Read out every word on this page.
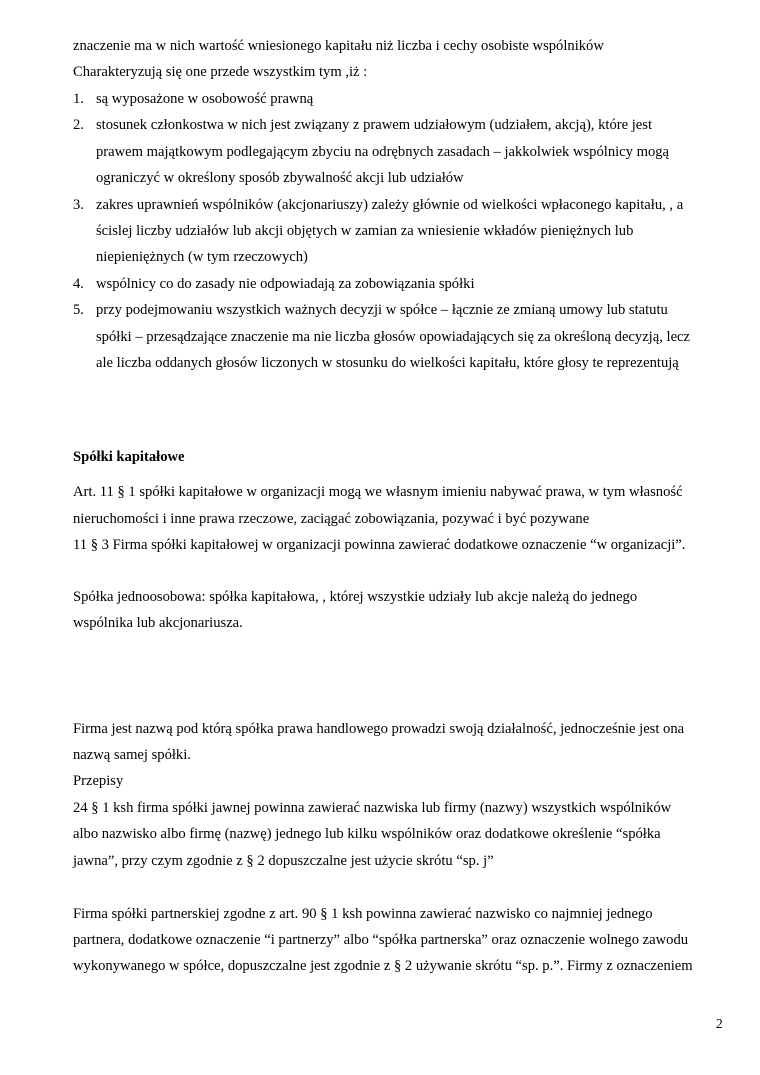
znaczenie ma w nich wartość wniesionego kapitału niż liczba i cechy osobiste wspólników
Charakteryzują się one przede wszystkim tym ,iż :
1. są wyposażone w osobowość prawną
2. stosunek członkostwa w nich jest związany z prawem udziałowym (udziałem, akcją), które jest
prawem majątkowym podlegającym zbyciu na odrębnych zasadach – jakkolwiek wspólnicy mogą
ograniczyć w określony sposób zbywalność akcji lub udziałów
3. zakres uprawnień wspólników (akcjonariuszy) zależy głównie od wielkości wpłaconego kapitału, , a
ścislej liczby udziałów lub akcji objętych w zamian za wniesienie wkładów pieniężnych lub
niepieniężnych (w tym rzeczowych)
4. wspólnicy co do zasady nie odpowiadają za zobowiązania spółki
5. przy podejmowaniu wszystkich ważnych decyzji w spółce – łącznie ze zmianą umowy lub statutu
spółki – przesądzające znaczenie ma nie liczba głosów opowiadających się za określoną decyzją, lecz
ale liczba oddanych głosów liczonych w stosunku do wielkości kapitału, które głosy te reprezentują
Spółki kapitałowe
Art. 11 § 1 spółki kapitałowe w organizacji mogą we własnym imieniu nabywać prawa, w tym własność
nieruchomości i inne prawa rzeczowe, zaciągać zobowiązania, pozywać i być pozywane
11 § 3 Firma spółki kapitałowej w organizacji powinna zawierać dodatkowe oznaczenie “w organizacji”.
Spółka jednoosobowa: spółka kapitałowa, , której wszystkie udziały lub akcje należą do jednego
wspólnika lub akcjonariusza.
Firma jest nazwą pod którą spółka prawa handlowego prowadzi swoją działalność, jednocześnie jest ona
nazwą samej spółki.
Przepisy
24 § 1 ksh firma spółki jawnej powinna zawierać nazwiska lub firmy (nazwy) wszystkich wspólników
albo nazwisko albo firmę (nazwę) jednego lub kilku wspólników oraz dodatkowe określenie “spółka
jawna”, przy czym zgodnie z § 2 dopuszczalne jest użycie skrótu “sp. j”
Firma spółki partnerskiej zgodne z art. 90 § 1 ksh powinna zawierać nazwisko co najmniej jednego
partnera, dodatkowe oznaczenie “i partnerzy” albo “spółka partnerska” oraz oznaczenie wolnego zawodu
wykonywanego w spółce, dopuszczalne jest zgodnie z § 2 używanie skrótu “sp. p.”. Firmy z oznaczeniem
2
